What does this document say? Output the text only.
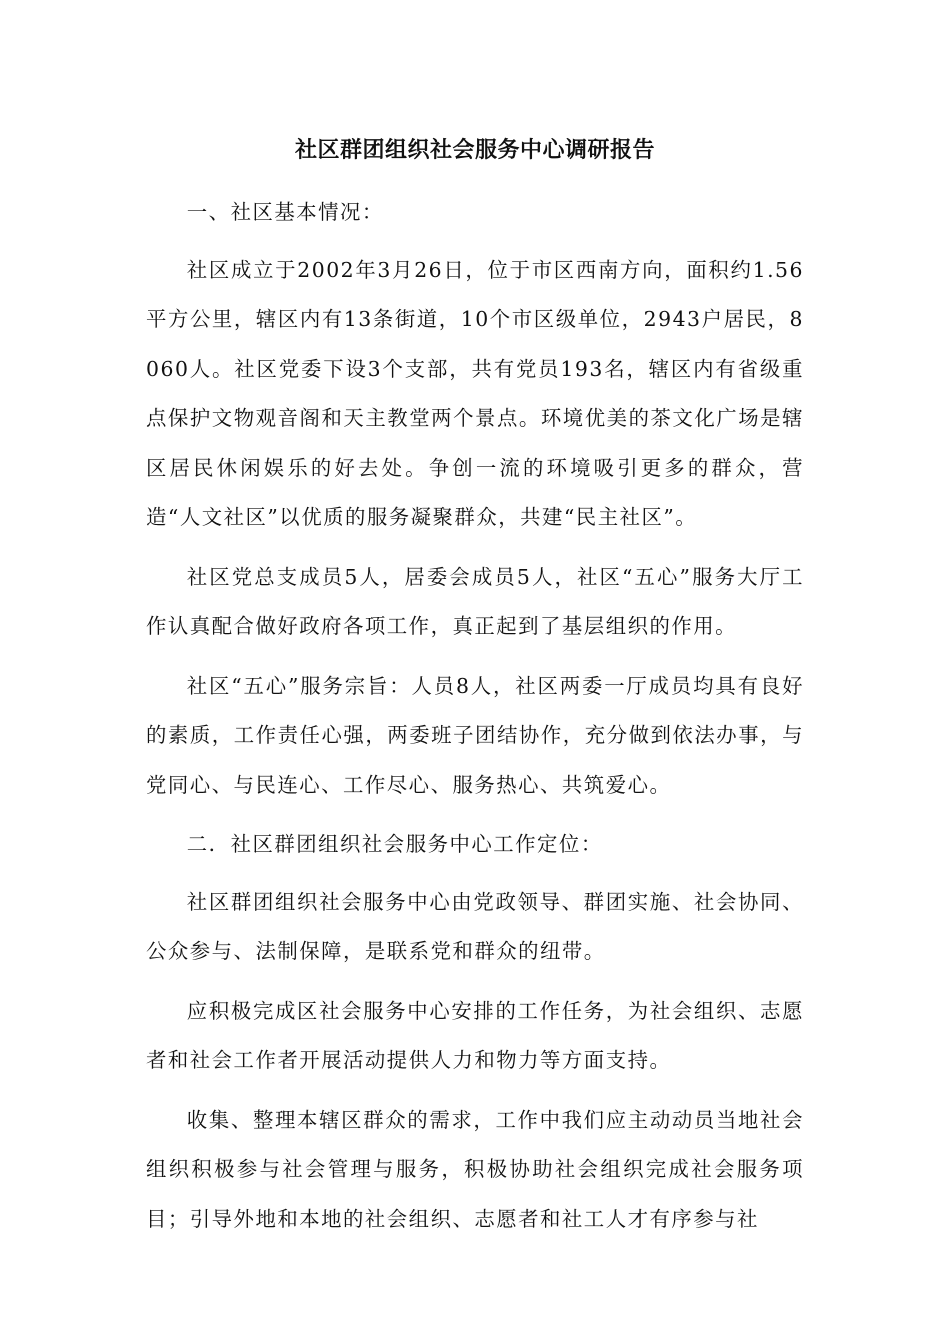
社区群团组织社会服务中心调研报告

一、社区基本情况：

社区成立于2002年3月26日，位于市区西南方向，面积约1.56平方公里，辖区内有13条街道，10个市区级单位，2943户居民，8060人。社区党委下设3个支部，共有党员193名，辖区内有省级重点保护文物观音阁和天主教堂两个景点。环境优美的茶文化广场是辖区居民休闲娱乐的好去处。争创一流的环境吸引更多的群众，营造“人文社区”以优质的服务凝聚群众，共建“民主社区”。

社区党总支成员5人，居委会成员5人，社区“五心”服务大厅工作认真配合做好政府各项工作，真正起到了基层组织的作用。

社区“五心”服务宗旨：人员8人，社区两委一厅成员均具有良好的素质，工作责任心强，两委班子团结协作，充分做到依法办事，与党同心、与民连心、工作尽心、服务热心、共筑爱心。

二．社区群团组织社会服务中心工作定位：

社区群团组织社会服务中心由党政领导、群团实施、社会协同、公众参与、法制保障，是联系党和群众的纽带。

应积极完成区社会服务中心安排的工作任务，为社会组织、志愿者和社会工作者开展活动提供人力和物力等方面支持。

收集、整理本辖区群众的需求，工作中我们应主动动员当地社会组织积极参与社会管理与服务，积极协助社会组织完成社会服务项目；引导外地和本地的社会组织、志愿者和社工人才有序参与社
